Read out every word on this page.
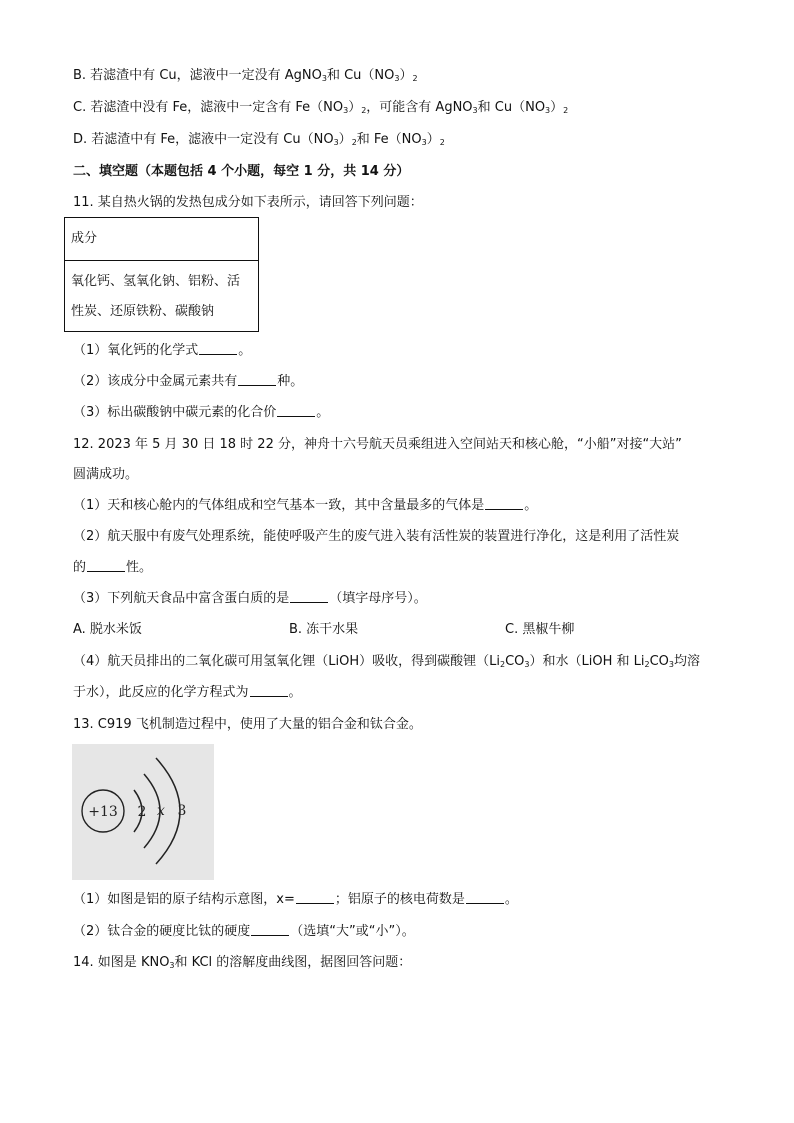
B. 若滤渣中有 Cu，滤液中一定没有 AgNO$_3$和 $Cu(NO_3)_2$
C. 若滤渣中没有 Fe，滤液中一定含有 $Fe(NO_3)_2$，可能含有 AgNO$_3$和 $Cu(NO_3)_2$
D. 若滤渣中有 Fe，滤液中一定没有 $Cu(NO_3)_2$和 $Fe(NO_3)_2$
二、填空题（本题包括 4 个小题，每空 1 分，共 14 分）
11. 某自热火锅的发热包成分如下表所示，请回答下列问题：
成分
氧化钙、氢氧化钠、铝粉、活性炭、还原铁粉、碳酸钠
（1）氧化钙的化学式	。
（2）该成分中金属元素共有	种。
（3）标出碳酸钠中碳元素的化合价	。
12. 2023 年 5 月 30 日 18 时 22 分，神舟十六号航天员乘组进入空间站天和核心舱，“小船”对接“大站”
圆满成功。
（1）天和核心舱内的气体组成和空气基本一致，其中含量最多的气体是	。
（2）航天服中有废气处理系统，能使呼吸产生的废气进入装有活性炭的装置进行净化，这是利用了活性炭
的	性。
（3）下列航天食品中富含蛋白质的是	（填字母序号）。
A. 脱水米饭	B. 冻干水果	C. 黑椒牛柳
（4）航天员排出的二氧化碳可用氢氧化锂（LiOH）吸收，得到碳酸锂$(Li_2CO_3)$和水（LiOH 和 $Li_2CO_3$均溶
于水），此反应的化学方程式为	。
13. C919 飞机制造过程中，使用了大量的铝合金和钛合金。
+13 2 x 3
（1）如图是铝的原子结构示意图，x=	；铝原子的核电荷数是	。
（2）钛合金的硬度比钛的硬度	（选填“大”或“小”）。
14. 如图是 $KNO_3$和 KCl 的溶解度曲线图，据图回答问题：
